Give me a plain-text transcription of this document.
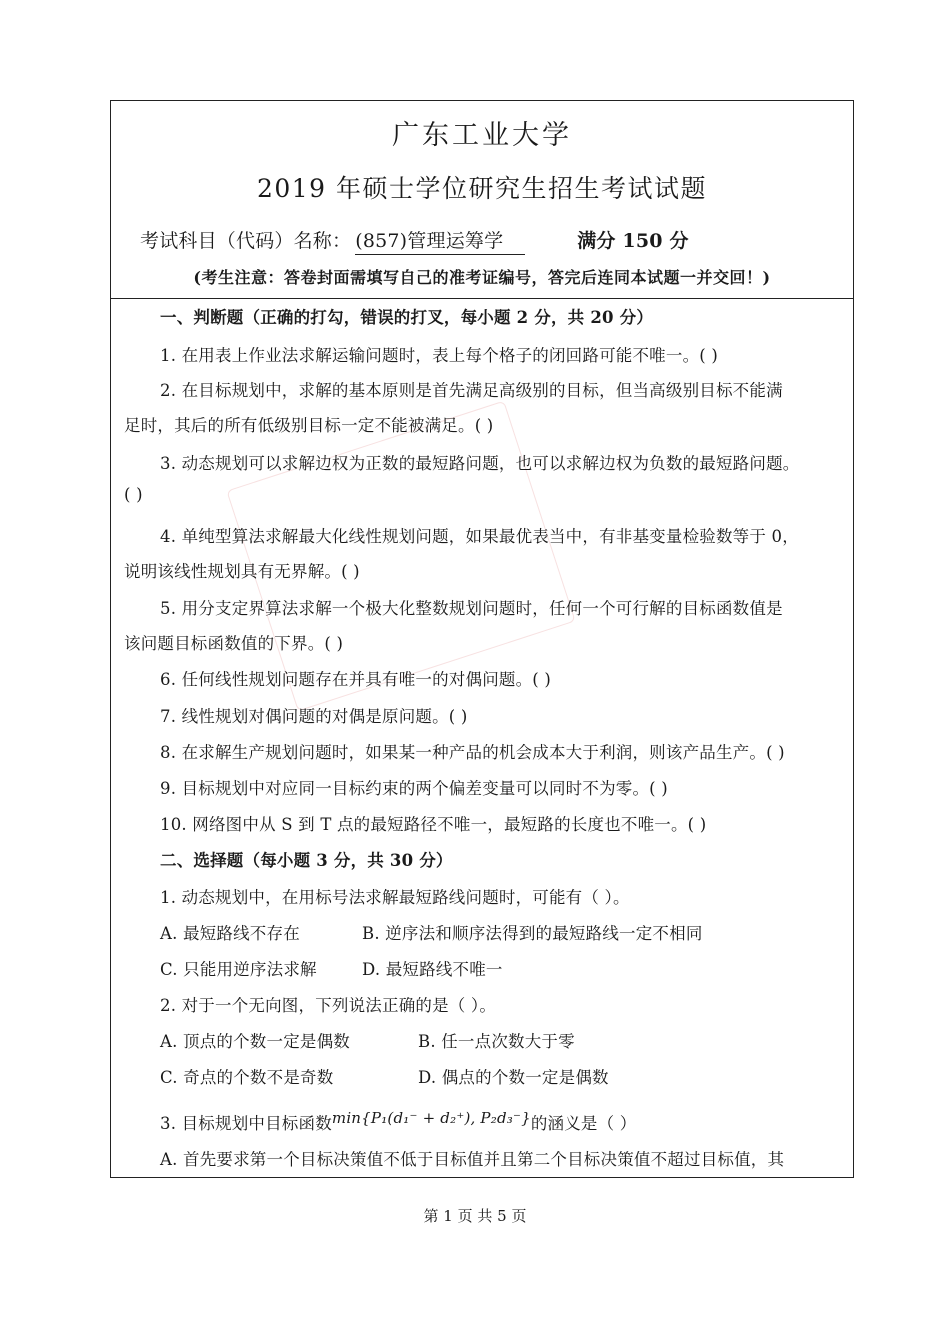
广东工业大学
2019 年硕士学位研究生招生考试试题
考试科目（代码）名称： (857)管理运筹学	满分 150 分
(考生注意：答卷封面需填写自己的准考证编号，答完后连同本试题一并交回！)
一、判断题（正确的打勾，错误的打叉，每小题 2 分，共 20 分）
1. 在用表上作业法求解运输问题时，表上每个格子的闭回路可能不唯一。( )
2. 在目标规划中，求解的基本原则是首先满足高级别的目标，但当高级别目标不能满
足时，其后的所有低级别目标一定不能被满足。( )
3. 动态规划可以求解边权为正数的最短路问题，也可以求解边权为负数的最短路问题。
( )
4. 单纯型算法求解最大化线性规划问题，如果最优表当中，有非基变量检验数等于 0，
说明该线性规划具有无界解。( )
5. 用分支定界算法求解一个极大化整数规划问题时，任何一个可行解的目标函数值是
该问题目标函数值的下界。( )
6. 任何线性规划问题存在并具有唯一的对偶问题。( )
7. 线性规划对偶问题的对偶是原问题。( )
8. 在求解生产规划问题时，如果某一种产品的机会成本大于利润，则该产品生产。( )
9. 目标规划中对应同一目标约束的两个偏差变量可以同时不为零。( )
10. 网络图中从 S 到 T 点的最短路径不唯一，最短路的长度也不唯一。( )
二、选择题（每小题 3 分，共 30 分）
1. 动态规划中，在用标号法求解最短路线问题时，可能有（ ）。
A. 最短路线不存在	B. 逆序法和顺序法得到的最短路线一定不相同
C. 只能用逆序法求解	D. 最短路线不唯一
2. 对于一个无向图，下列说法正确的是（ ）。
A. 顶点的个数一定是偶数	B. 任一点次数大于零
C. 奇点的个数不是奇数	D. 偶点的个数一定是偶数
3. 目标规划中目标函数min{P₁(d₁⁻ + d₂⁺), P₂d₃⁻}的涵义是（ ）
A. 首先要求第一个目标决策值不低于目标值并且第二个目标决策值不超过目标值，其
第 1 页 共 5 页
